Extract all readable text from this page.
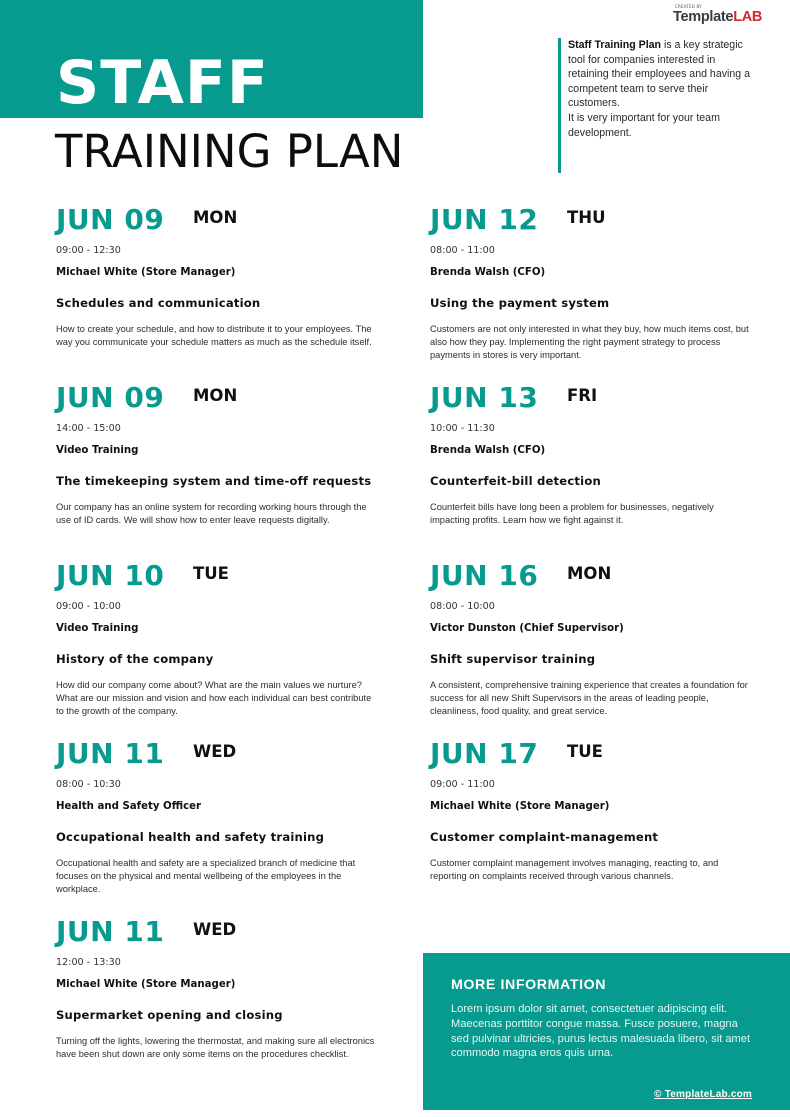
STAFF
TRAINING PLAN
CREATED BY
TemplateLAB
Staff Training Plan is a key strategic tool for companies interested in retaining their employees and having a competent team to serve their customers.
It is very important for your team development.
JUN 09 MON
09:00 - 12:30
Michael White (Store Manager)
Schedules and communication
How to create your schedule, and how to distribute it to your employees. The way you communicate your schedule matters as much as the schedule itself.
JUN 09 MON
14:00 - 15:00
Video Training
The timekeeping system and time-off requests
Our company has an online system for recording working hours through the use of ID cards. We will show how to enter leave requests digitally.
JUN 10 TUE
09:00 - 10:00
Video Training
History of the company
How did our company come about? What are the main values we nurture? What are our mission and vision and how each individual can best contribute to the growth of the company.
JUN 11 WED
08:00 - 10:30
Health and Safety Officer
Occupational health and safety training
Occupational health and safety are a specialized branch of medicine that focuses on the physical and mental wellbeing of the employees in the workplace.
JUN 11 WED
12:00 - 13:30
Michael White (Store Manager)
Supermarket opening and closing
Turning off the lights, lowering the thermostat, and making sure all electronics have been shut down are only some items on the procedures checklist.
JUN 12 THU
08:00 - 11:00
Brenda Walsh (CFO)
Using the payment system
Customers are not only interested in what they buy, how much items cost, but also how they pay. Implementing the right payment strategy to process payments in stores is very important.
JUN 13 FRI
10:00 - 11:30
Brenda Walsh (CFO)
Counterfeit-bill detection
Counterfeit bills have long been a problem for businesses, negatively impacting profits. Learn how we fight against it.
JUN 16 MON
08:00 - 10:00
Victor Dunston (Chief Supervisor)
Shift supervisor training
A consistent, comprehensive training experience that creates a foundation for success for all new Shift Supervisors in the areas of leading people, cleanliness, food quality, and great service.
JUN 17 TUE
09:00 - 11:00
Michael White (Store Manager)
Customer complaint-management
Customer complaint management involves managing, reacting to, and reporting on complaints received through various channels.
MORE INFORMATION
Lorem ipsum dolor sit amet, consectetuer adipiscing elit. Maecenas porttitor congue massa. Fusce posuere, magna sed pulvinar ultricies, purus lectus malesuada libero, sit amet commodo magna eros quis urna.
© TemplateLab.com
